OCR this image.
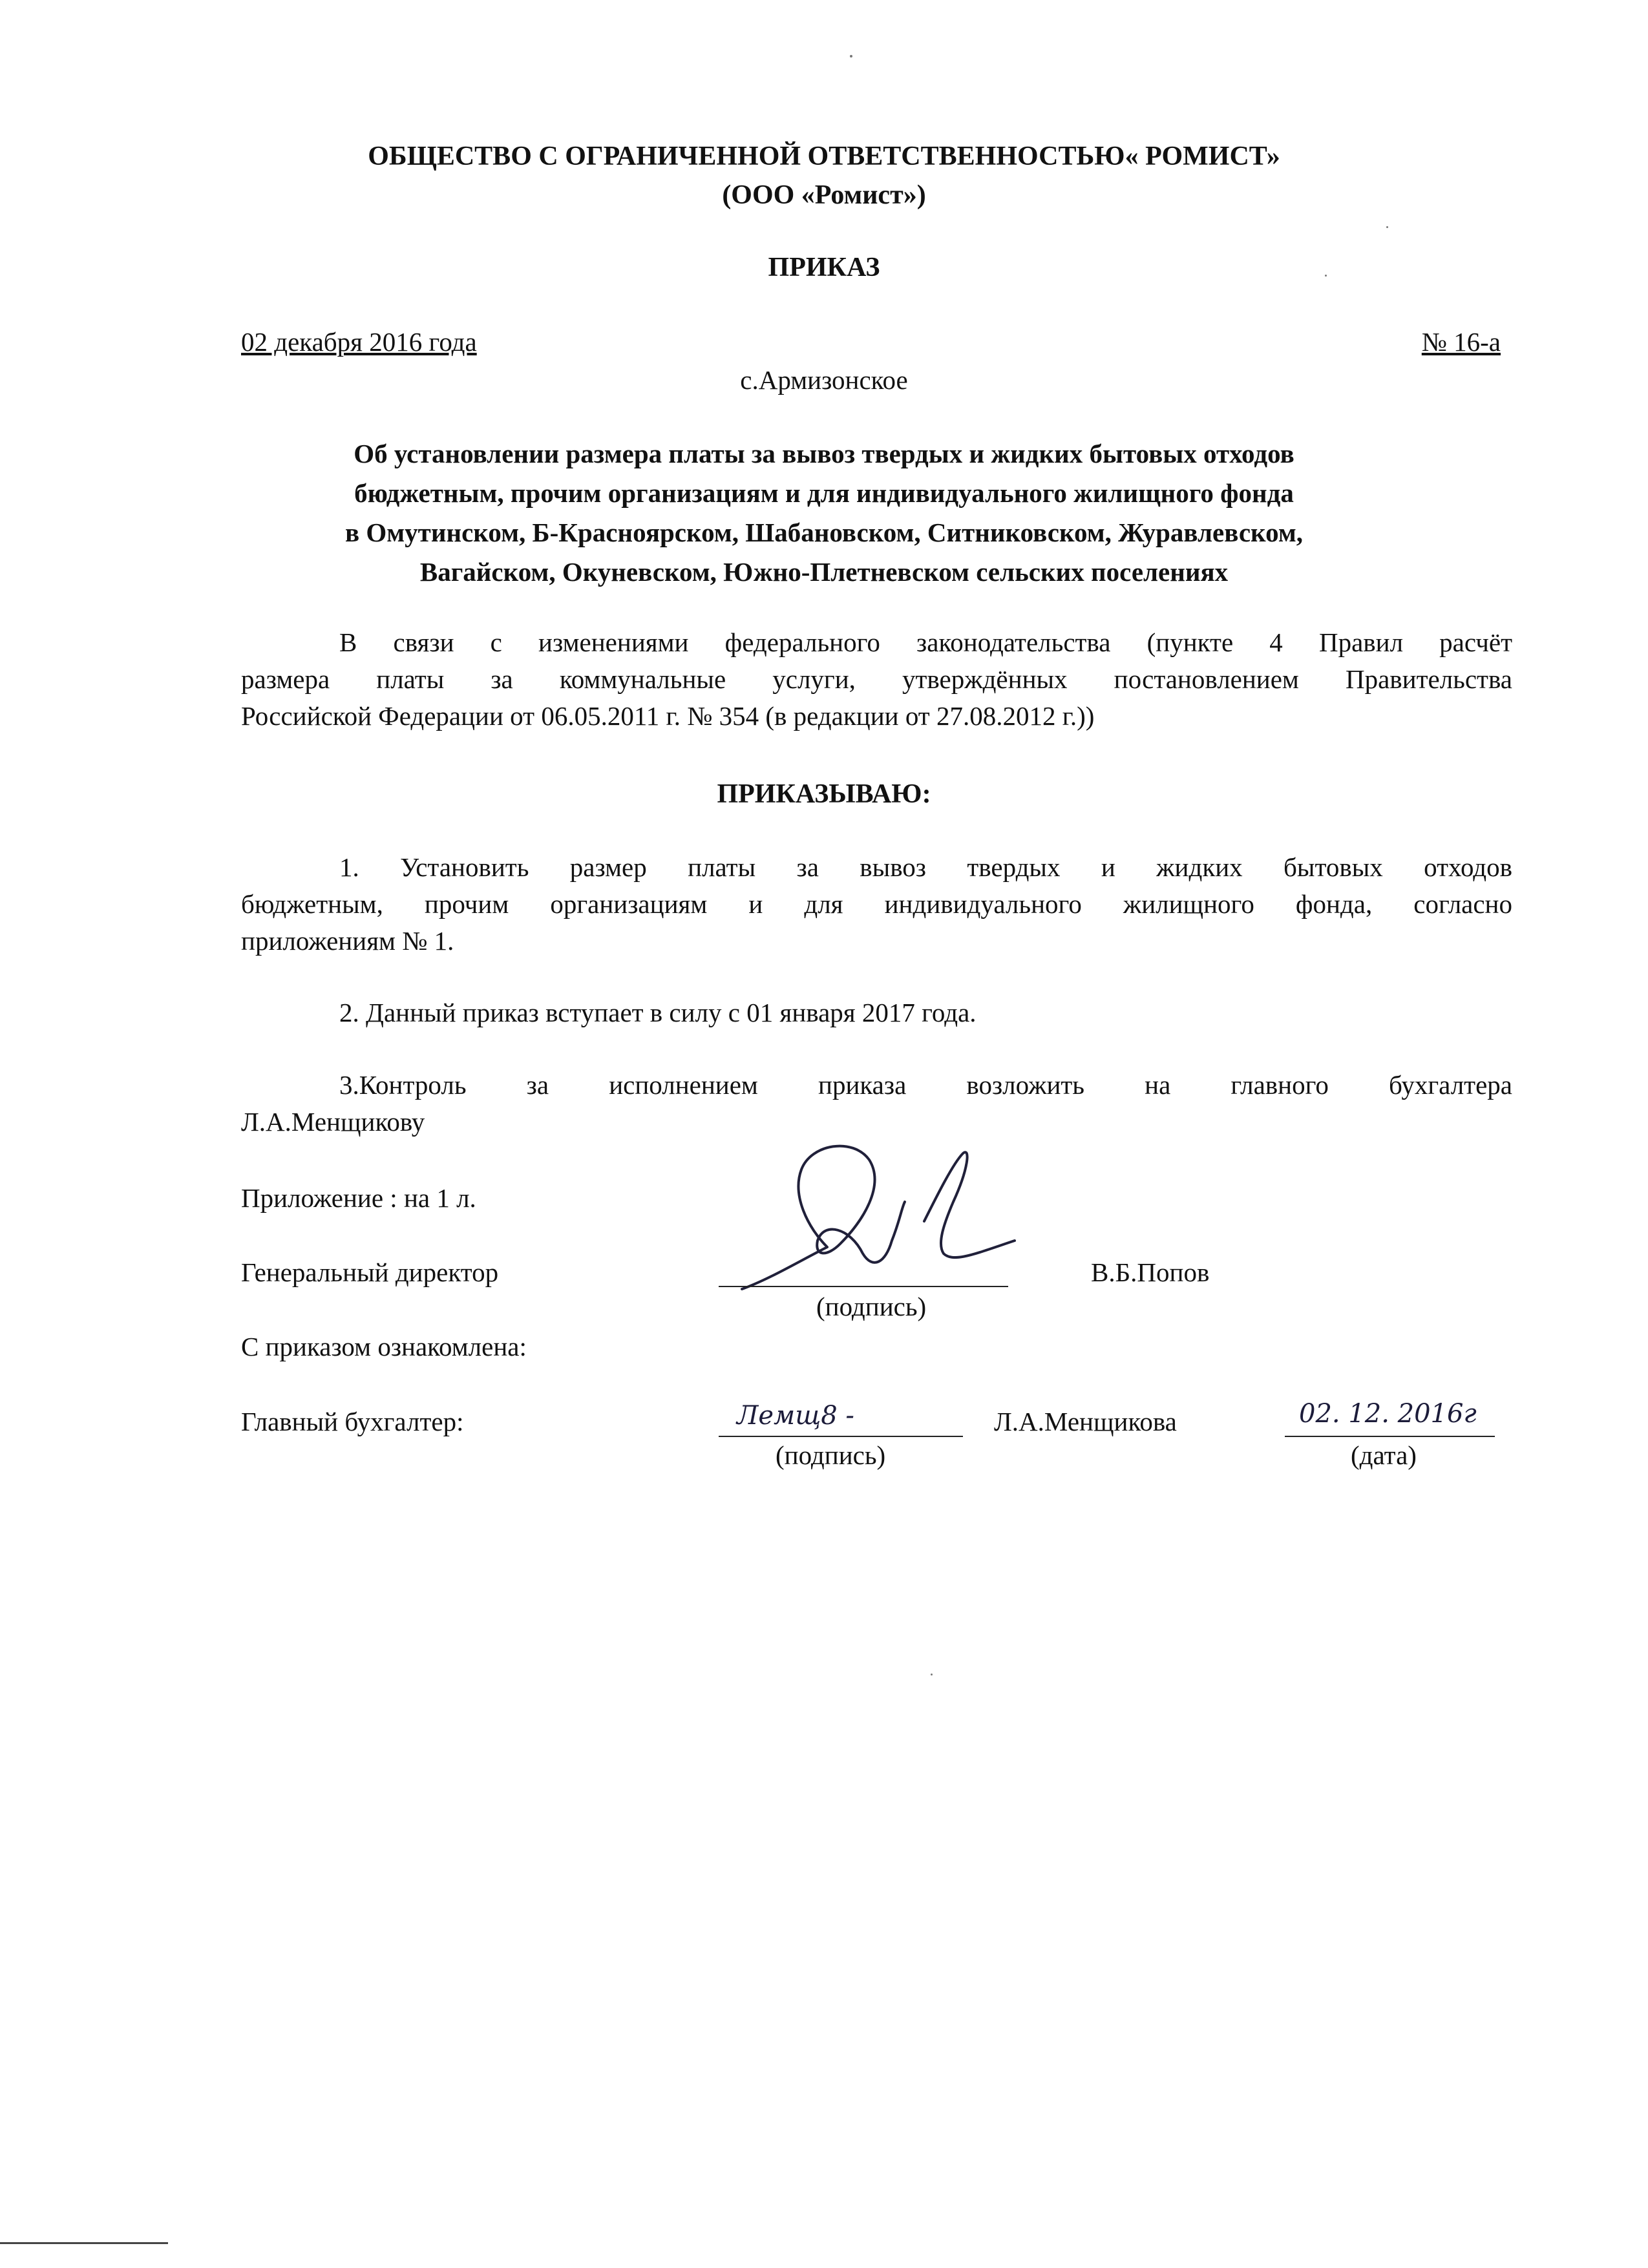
ОБЩЕСТВО С ОГРАНИЧЕННОЙ ОТВЕТСТВЕННОСТЬЮ« РОМИСТ»
(ООО «Ромист»)
ПРИКАЗ
02 декабря 2016 года	№ 16-а
с.Армизонское
Об установлении размера платы за вывоз твердых и жидких бытовых отходов
бюджетным, прочим организациям и для индивидуального жилищного фонда
в Омутинском, Б-Красноярском, Шабановском, Ситниковском, Журавлевском,
Вагайском, Окуневском, Южно-Плетневском сельских поселениях
В связи с изменениями федерального законодательства (пункте 4 Правил расчёт
размера платы за коммунальные услуги, утверждённых постановлением Правительства
Российской Федерации от 06.05.2011 г. № 354 (в редакции от 27.08.2012 г.))
ПРИКАЗЫВАЮ:
1. Установить размер платы за вывоз твердых и жидких бытовых отходов
бюджетным, прочим организациям и для индивидуального жилищного фонда, согласно
приложениям № 1.
2. Данный приказ вступает в силу с 01 января 2017 года.
3.Контроль за исполнением приказа возложить на главного бухгалтера
Л.А.Менщикову
Приложение : на 1 л.
Генеральный директор
(подпись)
В.Б.Попов
С приказом ознакомлена:
Главный бухгалтер:	Лемщ8 -
(подпись)
Л.А.Менщикова	02. 12. 2016г
(дата)
